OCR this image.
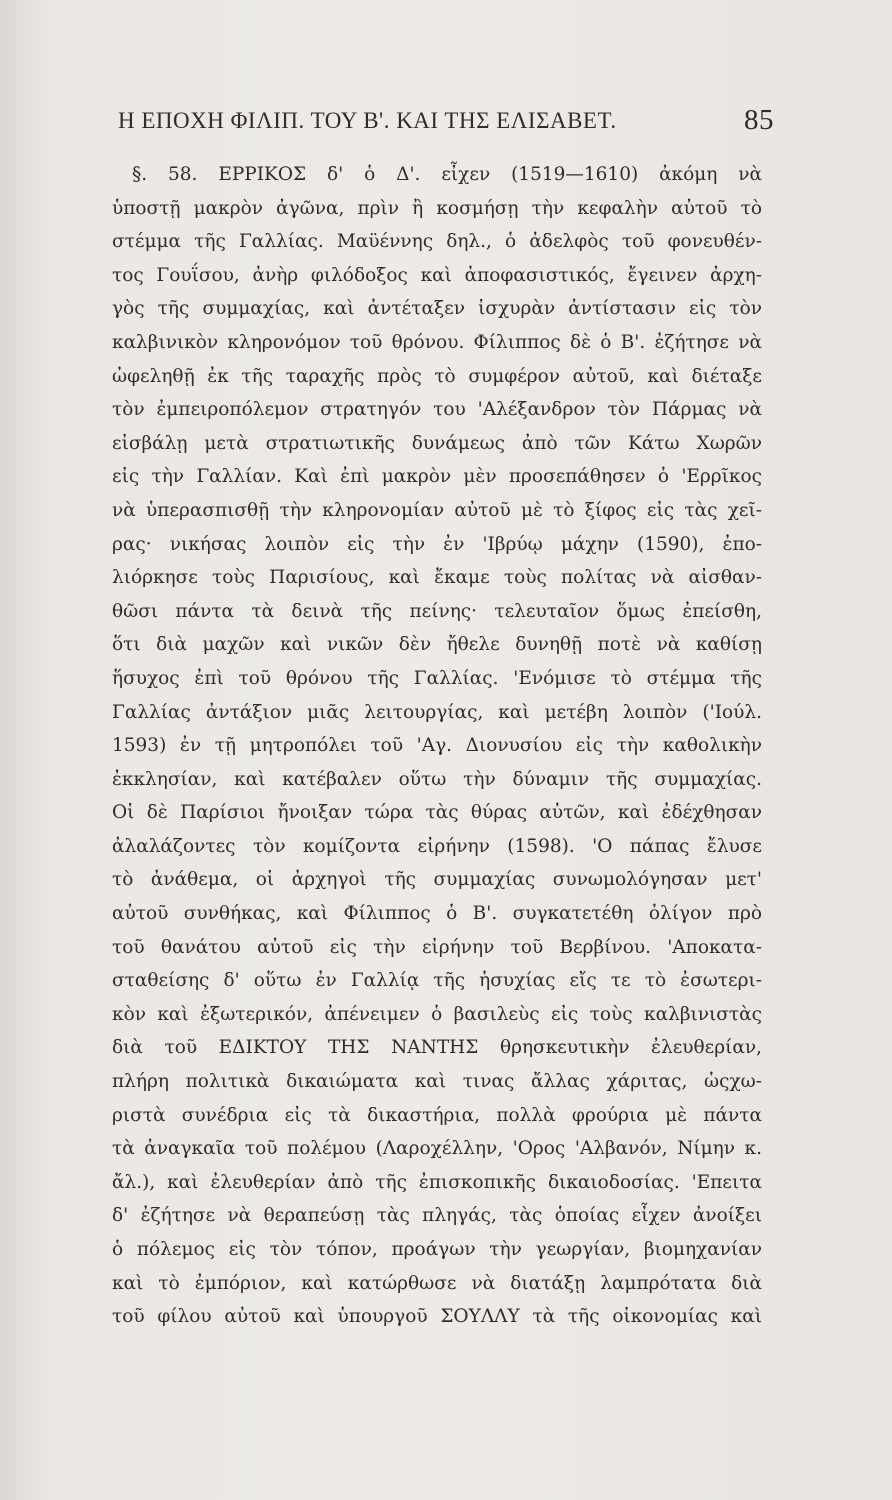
Η ΕΠΟΧΗ ΦΙΛΙΠ. ΤΟΥ Β'. ΚΑΙ ΤΗΣ ΕΛΙΣΑΒΕΤ.	85
§. 58. ΕΡΡΙΚΟΣ δ' ὁ Δ'. εἶχεν (1519—1610) ἀκόμη νὰ
ὑποστῇ μακρὸν ἀγῶνα, πρὶν ἢ κοσμήσῃ τὴν κεφαλὴν αὐτοῦ τὸ
στέμμα τῆς Γαλλίας. Μαϋέννης δηλ., ὁ ἀδελφὸς τοῦ φονευθέν-
τος Γουΐσου, ἀνὴρ φιλόδοξος καὶ ἀποφασιστικός, ἔγεινεν ἀρχη-
γὸς τῆς συμμαχίας, καὶ ἀντέταξεν ἰσχυρὰν ἀντίστασιν εἰς τὸν
καλβινικὸν κληρονόμον τοῦ θρόνου. Φίλιππος δὲ ὁ Β'. ἐζήτησε νὰ
ὠφεληθῇ ἐκ τῆς ταραχῆς πρὸς τὸ συμφέρον αὐτοῦ, καὶ διέταξε
τὸν ἐμπειροπόλεμον στρατηγόν του 'Αλέξανδρον τὸν Πάρμας νὰ
εἰσβάλῃ μετὰ στρατιωτικῆς δυνάμεως ἀπὸ τῶν Κάτω Χωρῶν
εἰς τὴν Γαλλίαν. Καὶ ἐπὶ μακρὸν μὲν προσεπάθησεν ὁ 'Ερρῖκος
νὰ ὑπερασπισθῇ τὴν κληρονομίαν αὐτοῦ μὲ τὸ ξίφος εἰς τὰς χεῖ-
ρας· νικήσας λοιπὸν εἰς τὴν ἐν 'Ιβρύῳ μάχην (1590), ἐπο-
λιόρκησε τοὺς Παρισίους, καὶ ἔκαμε τοὺς πολίτας νὰ αἰσθαν-
θῶσι πάντα τὰ δεινὰ τῆς πείνης· τελευταῖον ὅμως ἐπείσθη,
ὅτι διὰ μαχῶν καὶ νικῶν δὲν ἤθελε δυνηθῇ ποτὲ νὰ καθίσῃ
ἥσυχος ἐπὶ τοῦ θρόνου τῆς Γαλλίας. 'Ενόμισε τὸ στέμμα τῆς
Γαλλίας ἀντάξιον μιᾶς λειτουργίας, καὶ μετέβη λοιπὸν ('Ιούλ.
1593) ἐν τῇ μητροπόλει τοῦ 'Αγ. Διονυσίου εἰς τὴν καθολικὴν
ἐκκλησίαν, καὶ κατέβαλεν οὕτω τὴν δύναμιν τῆς συμμαχίας.
Οἱ δὲ Παρίσιοι ἤνοιξαν τώρα τὰς θύρας αὐτῶν, καὶ ἐδέχθησαν
ἀλαλάζοντες τὸν κομίζοντα εἰρήνην (1598). 'Ο πάπας ἔλυσε
τὸ ἀνάθεμα, οἱ ἀρχηγοὶ τῆς συμμαχίας συνωμολόγησαν μετ'
αὐτοῦ συνθήκας, καὶ Φίλιππος ὁ Β'. συγκατετέθη ὀλίγον πρὸ
τοῦ θανάτου αὐτοῦ εἰς τὴν εἰρήνην τοῦ Βερβίνου. 'Αποκατα-
σταθείσης δ' οὕτω ἐν Γαλλίᾳ τῆς ἡσυχίας εἴς τε τὸ ἐσωτερι-
κὸν καὶ ἐξωτερικόν, ἀπένειμεν ὁ βασιλεὺς εἰς τοὺς καλβινιστὰς
διὰ τοῦ ΕΔΙΚΤΟΥ ΤΗΣ ΝΑΝΤΗΣ θρησκευτικὴν ἐλευθερίαν,
πλήρη πολιτικὰ δικαιώματα καὶ τινας ἄλλας χάριτας, ὡςχω-
ριστὰ συνέδρια εἰς τὰ δικαστήρια, πολλὰ φρούρια μὲ πάντα
τὰ ἀναγκαῖα τοῦ πολέμου (Λαροχέλλην, 'Ορος 'Αλβανόν, Νίμην κ.
ἄλ.), καὶ ἐλευθερίαν ἀπὸ τῆς ἐπισκοπικῆς δικαιοδοσίας. 'Επειτα
δ' ἐζήτησε νὰ θεραπεύσῃ τὰς πληγάς, τὰς ὁποίας εἶχεν ἀνοίξει
ὁ πόλεμος εἰς τὸν τόπον, προάγων τὴν γεωργίαν, βιομηχανίαν
καὶ τὸ ἐμπόριον, καὶ κατώρθωσε νὰ διατάξῃ λαμπρότατα διὰ
τοῦ φίλου αὐτοῦ καὶ ὑπουργοῦ ΣΟΥΛΛΥ τὰ τῆς οἰκονομίας καὶ
